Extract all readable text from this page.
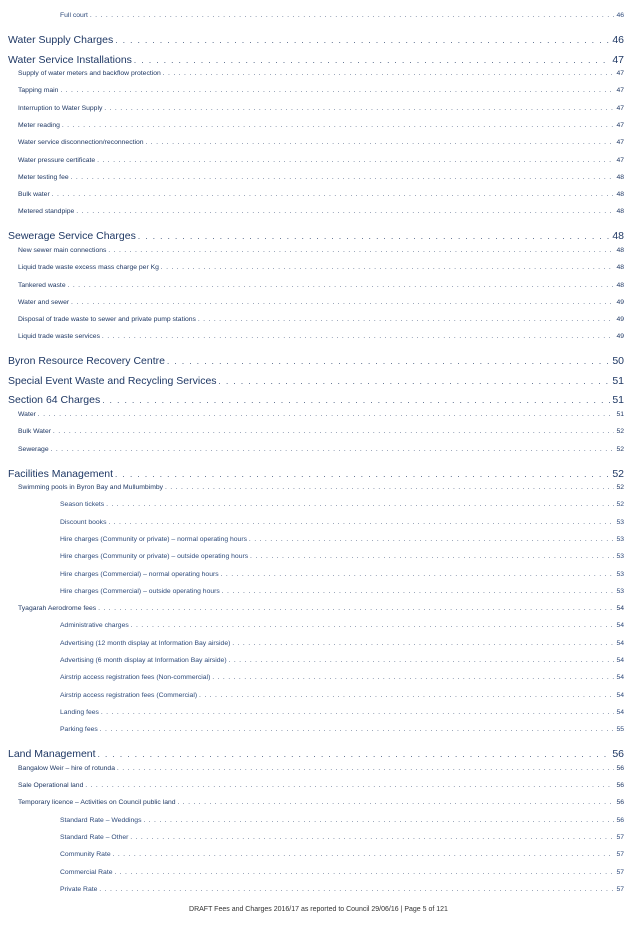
Full court . . .	46
Water Supply Charges . . .	46
Water Service Installations . . .	47
Supply of water meters and backflow protection . . .	47
Tapping main . . .	47
Interruption to Water Supply . . .	47
Meter reading . . .	47
Water service disconnection/reconnection . . .	47
Water pressure certificate . . .	47
Meter testing fee . . .	48
Bulk water . . .	48
Metered standpipe . . .	48
Sewerage Service Charges . . .	48
New sewer main connections . . .	48
Liquid trade waste excess mass charge per Kg . . .	48
Tankered waste . . .	48
Water and sewer . . .	49
Disposal of trade waste to sewer and private pump stations . . .	49
Liquid trade waste services . . .	49
Byron Resource Recovery Centre . . .	50
Special Event Waste and Recycling Services . . .	51
Section 64 Charges . . .	51
Water . . .	51
Bulk Water . . .	52
Sewerage . . .	52
Facilities Management . . .	52
Swimming pools in Byron Bay and Mullumbimby . . .	52
Season tickets . . .	52
Discount books . . .	53
Hire charges (Community or private) – normal operating hours . . .	53
Hire charges (Community or private) – outside operating hours . . .	53
Hire charges (Commercial) – normal operating hours . . .	53
Hire charges (Commercial) – outside operating hours . . .	53
Tyagarah Aerodrome fees . . .	54
Administrative charges . . .	54
Advertising (12 month display at Information Bay airside) . . .	54
Advertising (6 month display at Information Bay airside) . . .	54
Airstrip access registration fees (Non-commercial) . . .	54
Airstrip access registration fees (Commercial) . . .	54
Landing fees . . .	54
Parking fees . . .	55
Land Management . . .	56
Bangalow Weir – hire of rotunda . . .	56
Sale Operational land . . .	56
Temporary licence – Activities on Council public land . . .	56
Standard Rate – Weddings . . .	56
Standard Rate – Other . . .	57
Community Rate . . .	57
Commercial Rate . . .	57
Private Rate . . .	57
DRAFT Fees and Charges 2016/17 as reported to Council 29/06/16 | Page 5 of 121
